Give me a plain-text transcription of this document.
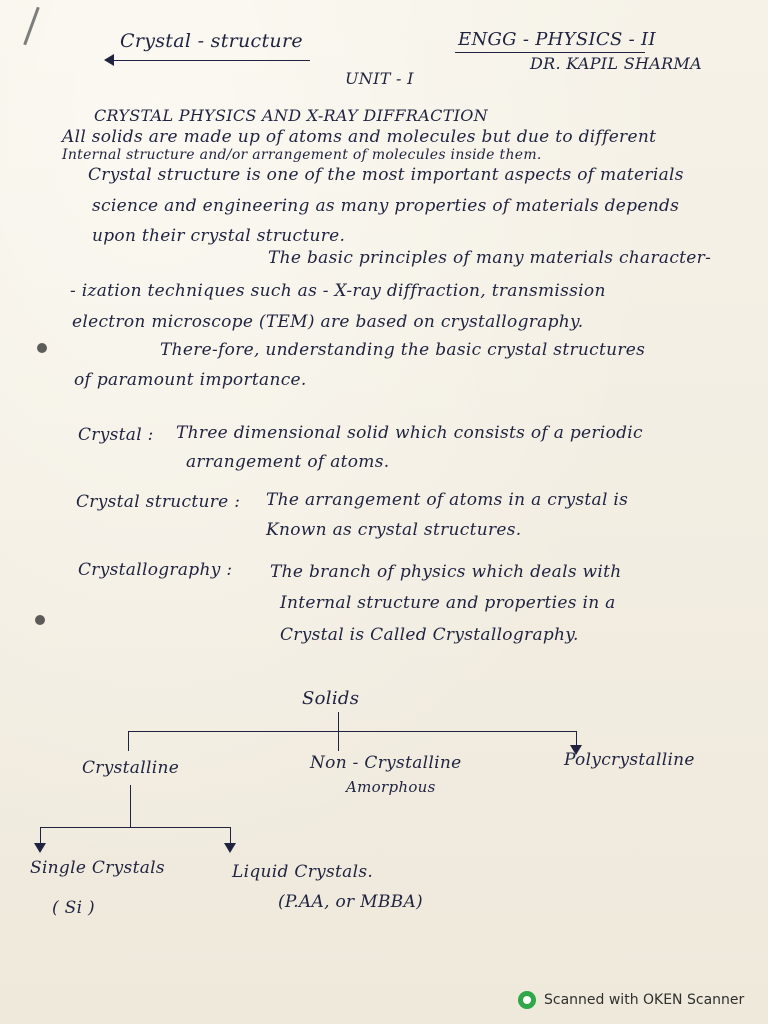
Crystal - structure	ENGG - PHYSICS - II
DR. KAPIL SHARMA
UNIT - I
CRYSTAL PHYSICS AND X-RAY DIFFRACTION
All solids are made up of atoms and molecules but due to different
Internal structure and/or arrangement of molecules inside them.
Crystal structure is one of the most important aspects of materials
science and engineering as many properties of materials depends
upon their crystal structure.
The basic principles of many materials character-
- ization techniques such as - X-ray diffraction, transmission
electron microscope (TEM) are based on crystallography.
There-fore, understanding the basic crystal structures
of paramount importance.
Crystal : Three dimensional solid which consists of a periodic
arrangement of atoms.
Crystal structure : The arrangement of atoms in a crystal is
Known as crystal structures.
Crystallography : The branch of physics which deals with
Internal structure and properties in a
Crystal is Called Crystallography.
Solids
Crystalline	Non - Crystalline
Amorphous
Polycrystalline
Single Crystals
( Si )
Liquid Crystals.
(P.AA, or MBBA)
Scanned with OKEN Scanner
